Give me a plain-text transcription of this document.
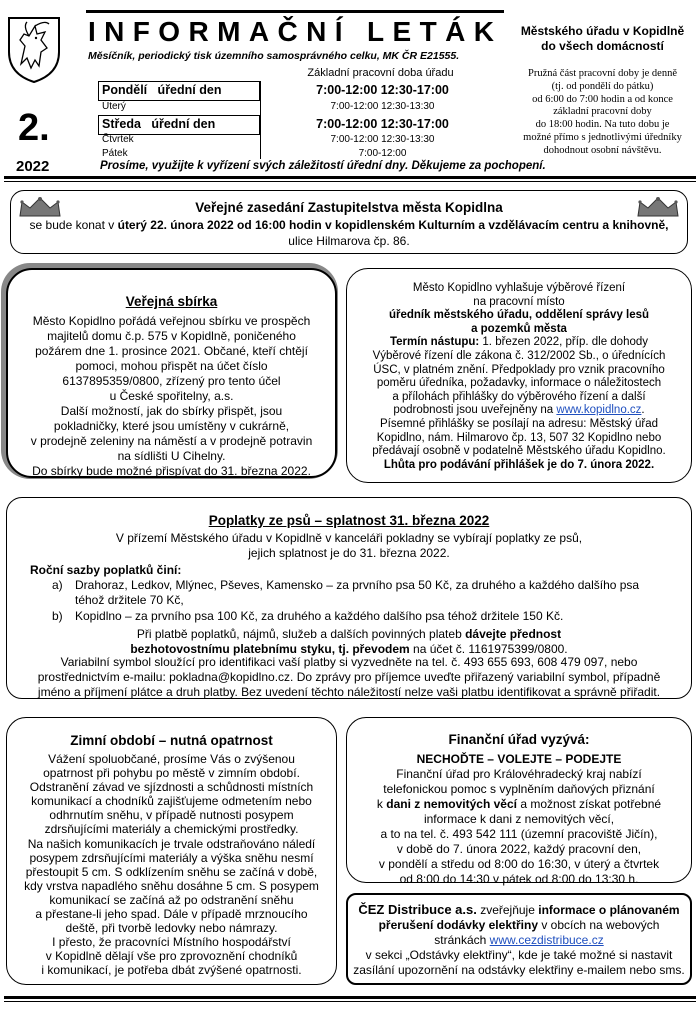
2.
2022
INFORMAČNÍ LETÁK
Měsíčník, periodický tisk územního samosprávného celku, MK ČR E21555.
Městského úřadu v Kopidlně
do všech domácností
Základní pracovní doba úřadu
Pondělí   úřední den	7:00-12:00 12:30-17:00
Úterý	7:00-12:00 12:30-13:30
Středa   úřední den	7:00-12:00 12:30-17:00
Čtvrtek	7:00-12:00 12:30-13:30
Pátek	7:00-12:00
Pružná část pracovní doby je denně
(tj. od pondělí do pátku)
od 6:00 do 7:00 hodin a od konce
základní pracovní doby
do 18:00 hodin. Na tuto dobu je
možné přímo s jednotlivými úředníky
dohodnout osobní návštěvu.
Prosíme, využijte k vyřízení svých záležitostí úřední dny. Děkujeme za pochopení.
Veřejné zasedání Zastupitelstva města Kopidlna
se bude konat v úterý 22. února 2022 od 16:00 hodin v kopidlenském Kulturním a vzdělávacím centru a knihovně,
ulice Hilmarova čp. 86.
Veřejná sbírka
Město Kopidlno pořádá veřejnou sbírku ve prospěch
majitelů domu č.p. 575 v Kopidlně, poničeného
požárem dne 1. prosince 2021. Občané, kteří chtějí
pomoci, mohou přispět na účet číslo
6137895359/0800, zřízený pro tento účel
u České spořitelny, a.s.
Další možností, jak do sbírky přispět, jsou
pokladničky, které jsou umístěny v cukrárně,
v prodejně zeleniny na náměstí a v prodejně potravin
na sídlišti U Cihelny.
Do sbírky bude možné přispívat do 31. března 2022.
Město Kopidlno vyhlašuje výběrové řízení
na pracovní místo
úředník městského úřadu, oddělení správy lesů
a pozemků města
Termín nástupu: 1. březen 2022, příp. dle dohody
Výběrové řízení dle zákona č. 312/2002 Sb., o úřednících
ÚSC, v platném znění. Předpoklady pro vznik pracovního
poměru úředníka, požadavky, informace o náležitostech
a přílohách přihlášky do výběrového řízení a další
podrobnosti jsou uveřejněny na www.kopidlno.cz.
Písemné přihlášky se posílají na adresu: Městský úřad
Kopidlno, nám. Hilmarovo čp. 13, 507 32 Kopidlno nebo
předávají osobně v podatelně Městského úřadu Kopidlno.
Lhůta pro podávání přihlášek je do 7. února 2022.
Poplatky ze psů – splatnost 31. března 2022
V přízemí Městského úřadu v Kopidlně v kanceláři pokladny se vybírají poplatky ze psů,
jejich splatnost je do 31. března 2022.
Roční sazby poplatků činí:
a) Drahoraz, Ledkov, Mlýnec, Pševes, Kamensko – za prvního psa 50 Kč, za druhého a každého dalšího psa
téhož držitele 70 Kč,
b) Kopidlno – za prvního psa 100 Kč, za druhého a každého dalšího psa téhož držitele 150 Kč.
Při platbě poplatků, nájmů, služeb a dalších povinných plateb dávejte přednost
bezhotovostnímu platebnímu styku, tj. převodem na účet č. 1161975399/0800.
Variabilní symbol sloužící pro identifikaci vaší platby si vyzvedněte na tel. č. 493 655 693, 608 479 097, nebo
prostřednictvím e-mailu: pokladna@kopidlno.cz. Do zprávy pro příjemce uveďte přiřazený variabilní symbol, případně
jméno a příjmení plátce a druh platby. Bez uvedení těchto náležitostí nelze vaši platbu identifikovat a správně přiřadit.
Zimní období – nutná opatrnost
Vážení spoluobčané, prosíme Vás o zvýšenou
opatrnost při pohybu po městě v zimním období.
Odstranění závad ve sjízdnosti a schůdnosti místních
komunikací a chodníků zajišťujeme odmetením nebo
odhrnutím sněhu, v případě nutnosti posypem
zdrsňujícími materiály a chemickými prostředky.
Na našich komunikacích je trvale odstraňováno náledí
posypem zdrsňujícími materiály a výška sněhu nesmí
přestoupit 5 cm. S odklízením sněhu se začíná v době,
kdy vrstva napadlého sněhu dosáhne 5 cm. S posypem
komunikací se začíná až po odstranění sněhu
a přestane-li jeho spad. Dále v případě mrznoucího
deště, při tvorbě ledovky nebo námrazy.
I přesto, že pracovníci Místního hospodářství
v Kopidlně dělají vše pro zprovoznění chodníků
i komunikací, je potřeba dbát zvýšené opatrnosti.
Finanční úřad vyzývá:
NECHOĎTE – VOLEJTE – PODEJTE
Finanční úřad pro Královéhradecký kraj nabízí
telefonickou pomoc s vyplněním daňových přiznání
k dani z nemovitých věcí a možnost získat potřebné
informace k dani z nemovitých věcí,
a to na tel. č. 493 542 111 (územní pracoviště Jičín),
v době do 7. února 2022, každý pracovní den,
v pondělí a středu od 8:00 do 16:30, v úterý a čtvrtek
od 8:00 do 14:30 v pátek od 8:00 do 13:30 h.
ČEZ Distribuce a.s. zveřejňuje informace o plánovaném
přerušení dodávky elektřiny v obcích na webových
stránkách www.cezdistribuce.cz
v sekci „Odstávky elektřiny“, kde je také možné si nastavit
zasílání upozornění na odstávky elektřiny e-mailem nebo sms.
